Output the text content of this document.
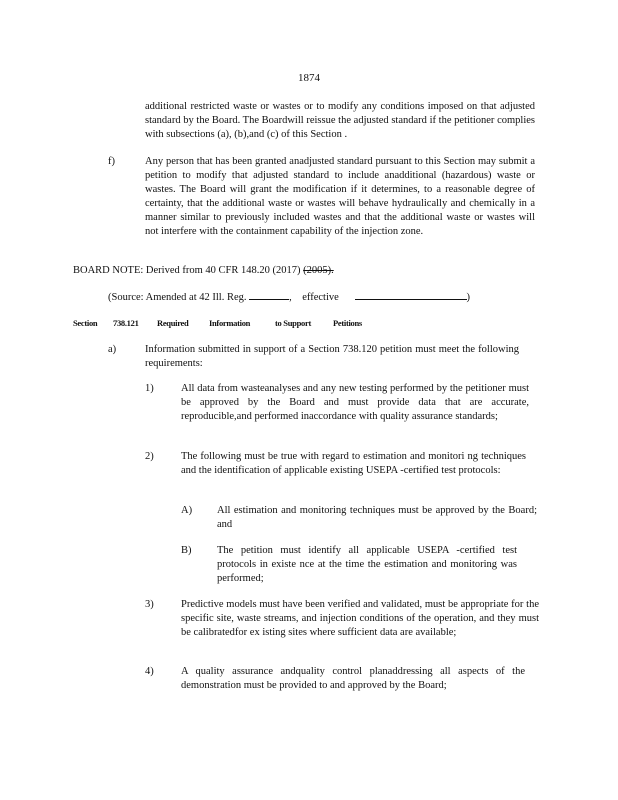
1874
additional restricted waste or wastes or to modify any conditions imposed on that adjusted standard by the Board. The Boardwill reissue the adjusted standard if the petitioner complies with subsections (a), (b),and (c) of this Section .
f)	Any person that has been granted anadjusted standard pursuant to this Section may submit a petition to modify that adjusted standard to include anadditional (hazardous) waste or wastes. The Board will grant the modification if it determines, to a reasonable degree of certainty, that the additional waste or wastes will behave hydraulically and chemically in a manner similar to previously included wastes and that the additional waste or wastes will not interfere with the containment capability of the injection zone.
BOARD NOTE: Derived from 40 CFR 148.20 (2017) (2005).
(Source: Amended at 42 Ill. Reg.	, effective	)
Section	738.121	Required	Information	to Support	Petitions
a)	Information submitted in support of a Section 738.120 petition must meet the following requirements:
1)	All data from wasteanalyses and any new testing performed by the petitioner must be approved by the Board and must provide data that are accurate, reproducible,and performed inaccordance with quality assurance standards;
2)	The following must be true with regard to estimation and monitori ng techniques and the identification of applicable existing USEPA -certified test protocols:
A) All estimation and monitoring techniques must be approved by the Board; and
B) The petition must identify all applicable USEPA -certified test protocols in existe nce at the time the estimation and monitoring was performed;
3)	Predictive models must have been verified and validated, must be appropriate for the specific site, waste streams, and injection conditions of the operation, and they must be calibratedfor ex isting sites where sufficient data are available;
4)	A quality assurance andquality control planaddressing all aspects of the demonstration must be provided to and approved by the Board;
